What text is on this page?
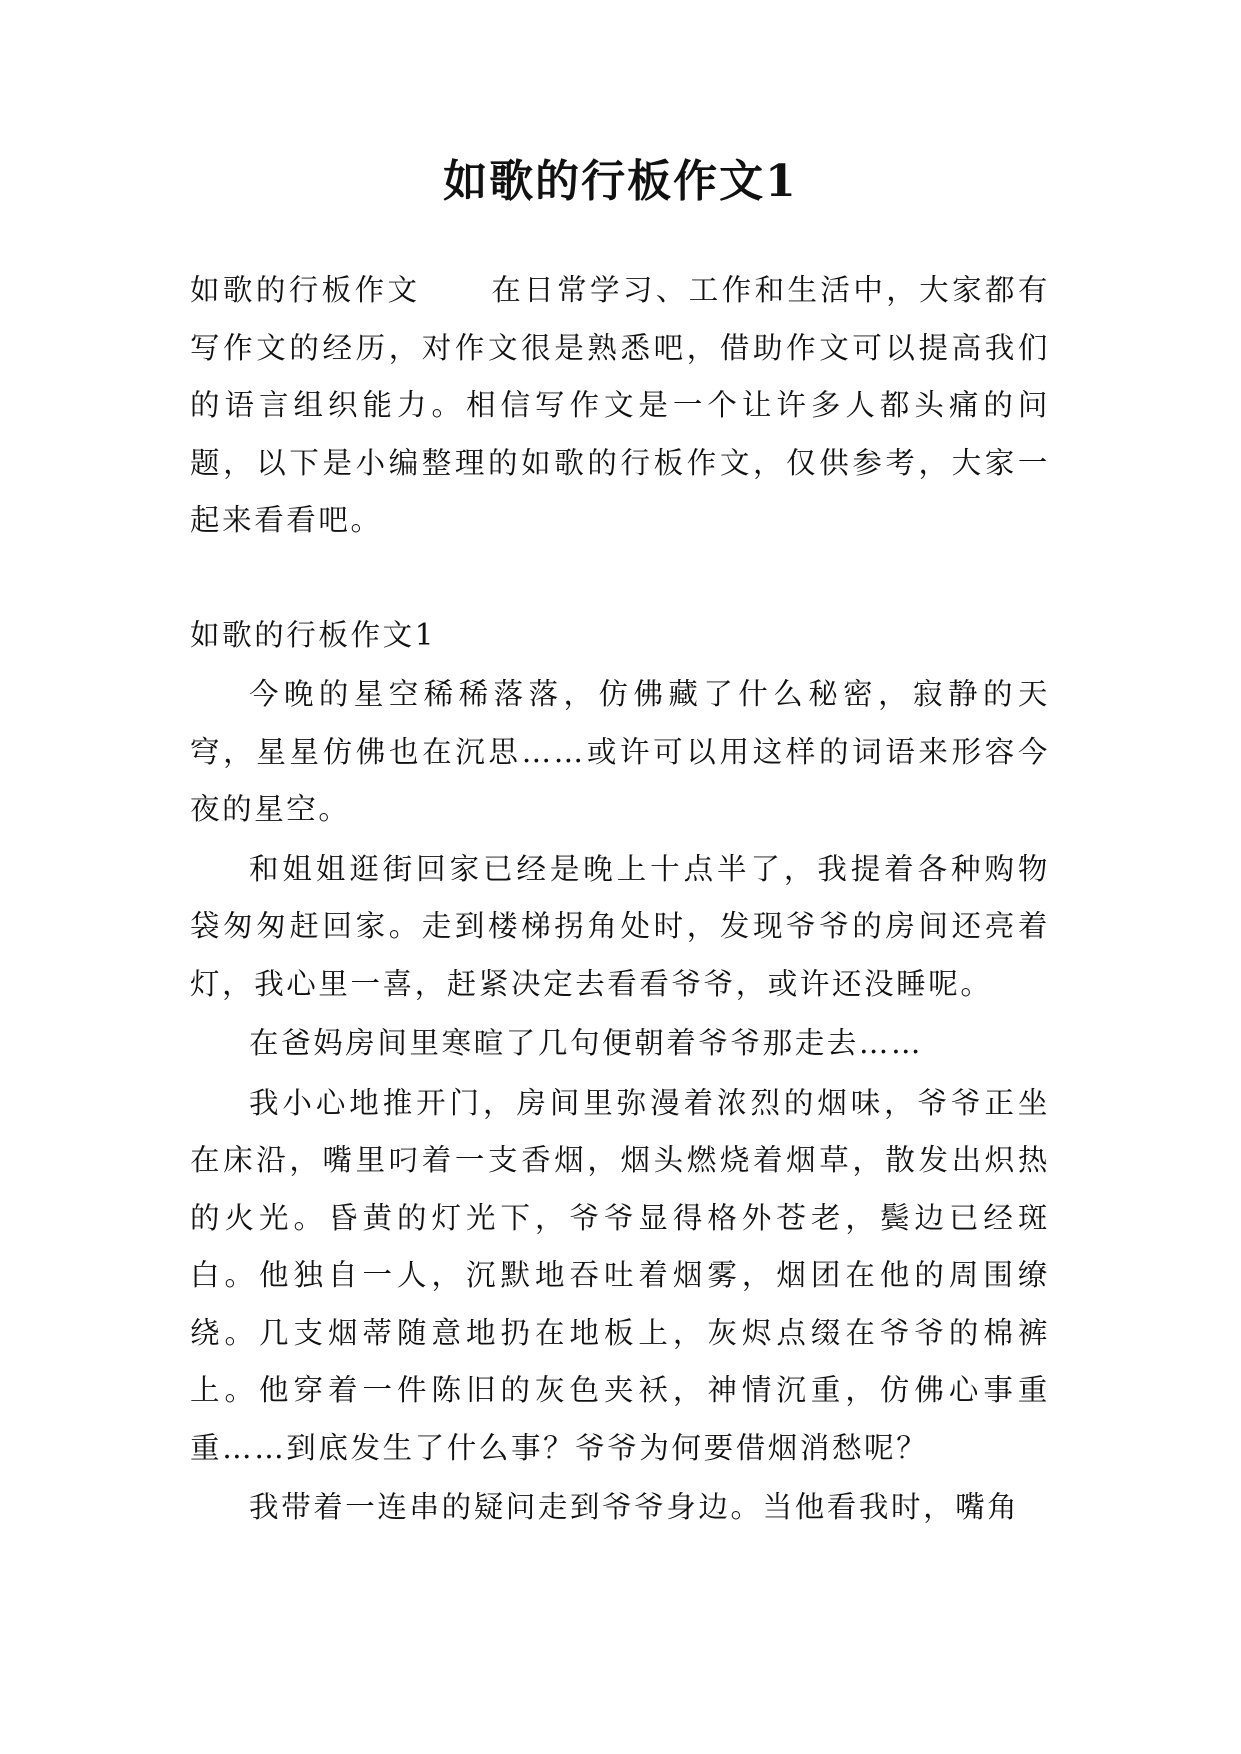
如歌的行板作文1

如歌的行板作文 在日常学习、工作和生活中，大家都有写作文的经历，对作文很是熟悉吧，借助作文可以提高我们的语言组织能力。相信写作文是一个让许多人都头痛的问题，以下是小编整理的如歌的行板作文，仅供参考，大家一起来看看吧。

如歌的行板作文1

今晚的星空稀稀落落，仿佛藏了什么秘密，寂静的天穹，星星仿佛也在沉思……或许可以用这样的词语来形容今夜的星空。

和姐姐逛街回家已经是晚上十点半了，我提着各种购物袋匆匆赶回家。走到楼梯拐角处时，发现爷爷的房间还亮着灯，我心里一喜，赶紧决定去看看爷爷，或许还没睡呢。

在爸妈房间里寒暄了几句便朝着爷爷那走去……

我小心地推开门，房间里弥漫着浓烈的烟味，爷爷正坐在床沿，嘴里叼着一支香烟，烟头燃烧着烟草，散发出炽热的火光。昏黄的灯光下，爷爷显得格外苍老，鬓边已经斑白。他独自一人，沉默地吞吐着烟雾，烟团在他的周围缭绕。几支烟蒂随意地扔在地板上，灰烬点缀在爷爷的棉裤上。他穿着一件陈旧的灰色夹袄，神情沉重，仿佛心事重重……到底发生了什么事？爷爷为何要借烟消愁呢？

我带着一连串的疑问走到爷爷身边。当他看我时，嘴角
